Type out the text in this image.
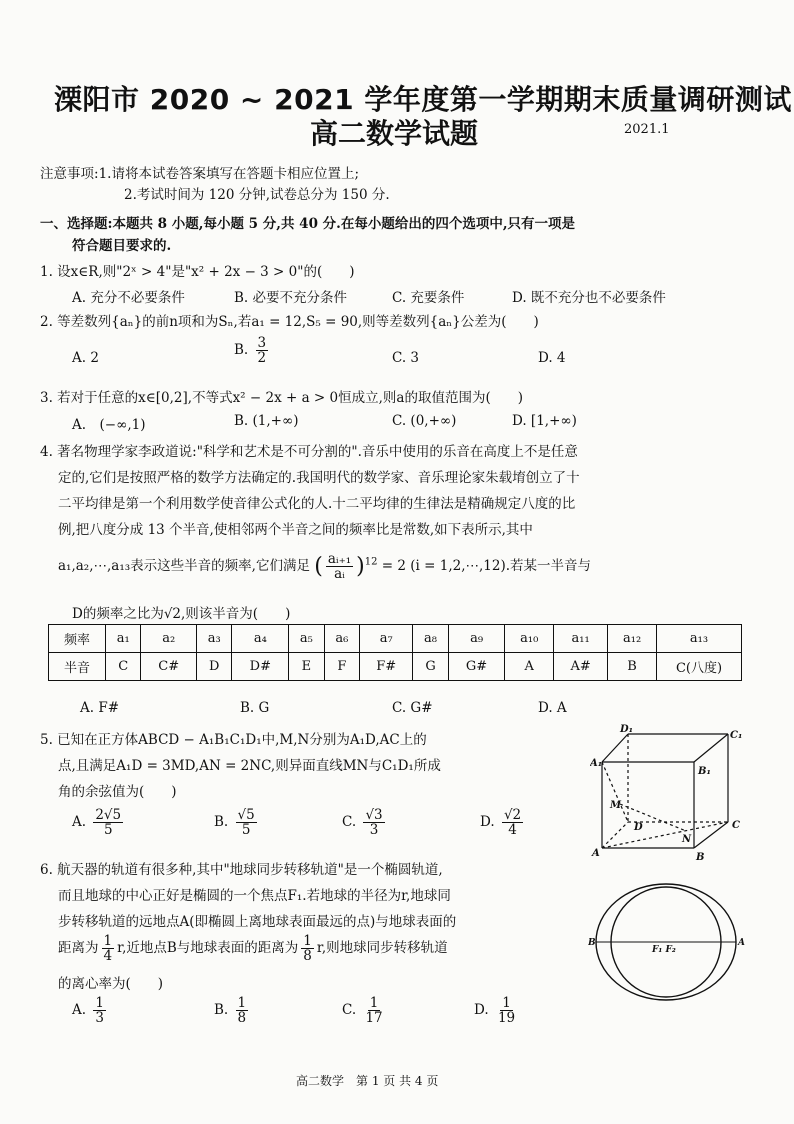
溧阳市 2020 ~ 2021 学年度第一学期期末质量调研测试
高二数学试题	2021.1
注意事项:1.请将本试卷答案填写在答题卡相应位置上;
2.考试时间为 120 分钟,试卷总分为 150 分.
一、选择题:本题共 8 小题,每小题 5 分,共 40 分.在每小题给出的四个选项中,只有一项是
符合题目要求的.
1. 设x∈R,则"2ˣ > 4"是"x² + 2x − 3 > 0"的(　　)
A. 充分不必要条件	B. 必要不充分条件	C. 充要条件	D. 既不充分也不必要条件
2. 等差数列{aₙ}的前n项和为Sₙ,若a₁ = 12,S₅ = 90,则等差数列{aₙ}公差为(　　)
A. 2	B. $\frac{3}{2}$	C. 3	D. 4
3. 若对于任意的x∈[0,2],不等式x² − 2x + a > 0恒成立,则a的取值范围为(　　)
A.　(−∞,1)	B. (1,+∞)	C. (0,+∞)	D. [1,+∞)
4. 著名物理学家李政道说:"科学和艺术是不可分割的".音乐中使用的乐音在高度上不是任意
定的,它们是按照严格的数学方法确定的.我国明代的数学家、音乐理论家朱载堉创立了十
二平均律是第一个利用数学使音律公式化的人.十二平均律的生律法是精确规定八度的比
例,把八度分成 13 个半音,使相邻两个半音之间的频率比是常数,如下表所示,其中
a₁,a₂,⋯,a₁₃表示这些半音的频率,它们满足 ( $\frac{\text{aᵢ₊₁}}{\text{aᵢ}} )^{12} = 2$ (i = 1,2,⋯,12).若某一半音与
D的频率之比为√2,则该半音为(　　)
频率	a₁	a₂	a₃	a₄	a₅	a₆	a₇	a₈	a₉	a₁₀	a₁₁	a₁₂	a₁₃
半音	C	C#	D	D#	E	F	F#	G	G#	A	A#	B	C(八度)
A. F#	B. G	C. G#	D. A
5. 已知在正方体ABCD − A₁B₁C₁D₁中,M,N分别为A₁D,AC上的
点,且满足A₁D = 3MD,AN = 2NC,则异面直线MN与C₁D₁所成
角的余弦值为(　　)
A. $\frac{2√5}{5}$	B. $\frac{√5}{5}$	C. $\frac{√3}{3}$	D. $\frac{√2}{4}$
D₁
C₁
A₁
B₁
M
D	C
N
A	B
6. 航天器的轨道有很多种,其中"地球同步转移轨道"是一个椭圆轨道,
而且地球的中心正好是椭圆的一个焦点F₁.若地球的半径为r,地球同
步转移轨道的远地点A(即椭圆上离地球表面最远的点)与地球表面的
距离为 $\frac{1}{4} r$,近地点B与地球表面的距离为 $\frac{1}{8} r$,则地球同步转移轨道
的离心率为(　　)
A. $\frac{1}{3}$	B. $\frac{1}{8}$	C. $\frac{1}{17}$	D. $\frac{1}{19}$
B	A
F₁ F₂
高二数学　第 1 页 共 4 页
